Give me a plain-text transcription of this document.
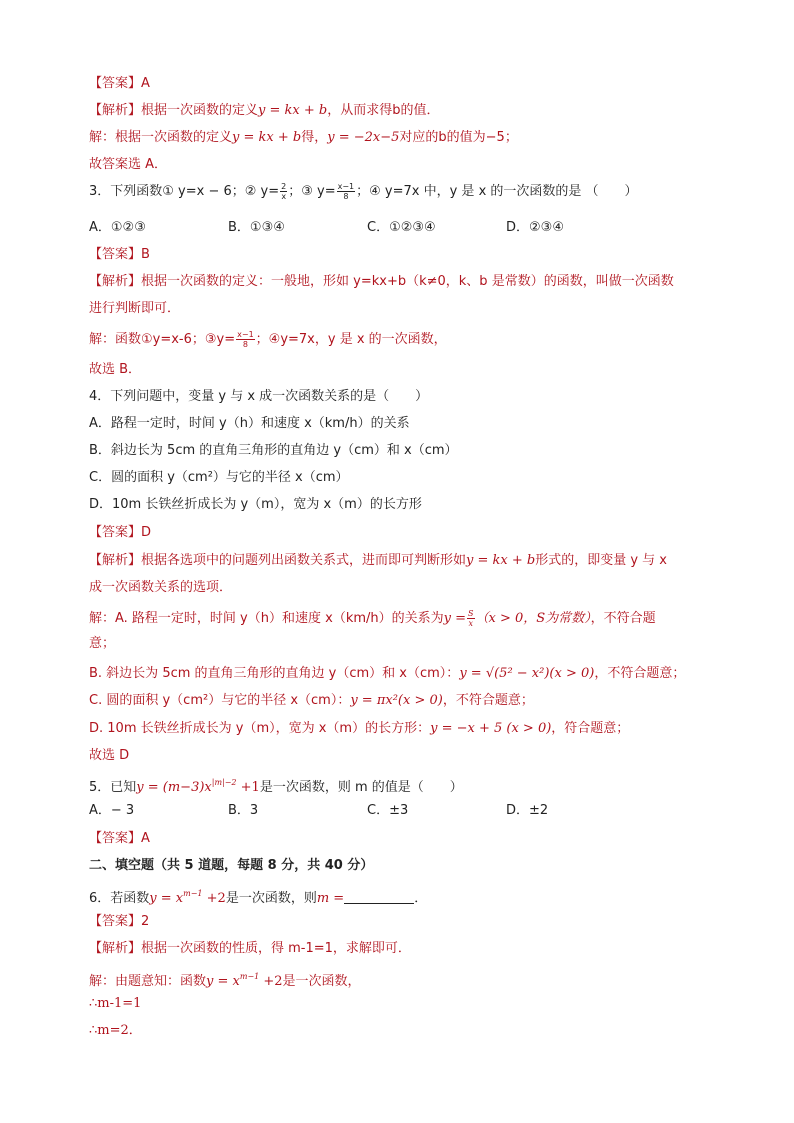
【答案】A
【解析】根据一次函数的定义y = kx + b，从而求得b的值．
解：根据一次函数的定义y = kx + b得，y = −2x−5对应的b的值为−5；
故答案选 A．
3．下列函数① y=x − 6；② $y= \frac{2}{x}$ ；③ $y= \frac{x-1}{8}$ ；④ y=7x 中，y 是 x 的一次函数的是 （　　）
A．①②③	B．①③④	C．①②③④	D．②③④
【答案】B
【解析】根据一次函数的定义：一般地，形如 y=kx+b（k≠0，k、b 是常数）的函数，叫做一次函数
进行判断即可．
解：函数①y=x-6；③y= $\frac{x-1}{8}$ ；④y=7x，y 是 x 的一次函数，
故选 B．
4．下列问题中，变量 y 与 x 成一次函数关系的是（　　）
A．路程一定时，时间 y（h）和速度 x（km/h）的关系
B．斜边长为 5cm 的直角三角形的直角边 y（cm）和 x（cm）
C．圆的面积 y（cm²）与它的半径 x（cm）
D．10m 长铁丝折成长为 y（m），宽为 x（m）的长方形
【答案】D
【解析】根据各选项中的问题列出函数关系式，进而即可判断形如y = kx + b形式的，即变量 y 与 x
成一次函数关系的选项．
解：A. 路程一定时，时间 y（h）和速度 x（km/h）的关系为$y = \frac{S}{x} (x > 0$，S为常数），不符合题
意；
B. 斜边长为 5cm 的直角三角形的直角边 y（cm）和 x（cm）：y = √(5² − x²)(x > 0)，不符合题意；
C. 圆的面积 y（cm²）与它的半径 x（cm）：y = πx²(x > 0)，不符合题意；
D. 10m 长铁丝折成长为 y（m），宽为 x（m）的长方形：y = −x + 5 (x > 0)，符合题意；
故选 D
5．已知$y = (m-3)x^{|m|-2} +1$是一次函数，则 m 的值是（　　）
A．− 3	B．3	C．±3	D．±2
【答案】A
二、填空题（共 5 道题，每题 8 分，共 40 分）
6．若函数$y = x^{m-1} +2$是一次函数，则m =	．
【答案】2
【解析】根据一次函数的性质，得 m-1=1，求解即可．
解：由题意知：函数$y = x^{m-1} +2$是一次函数，
∴m-1=1
∴m=2．
